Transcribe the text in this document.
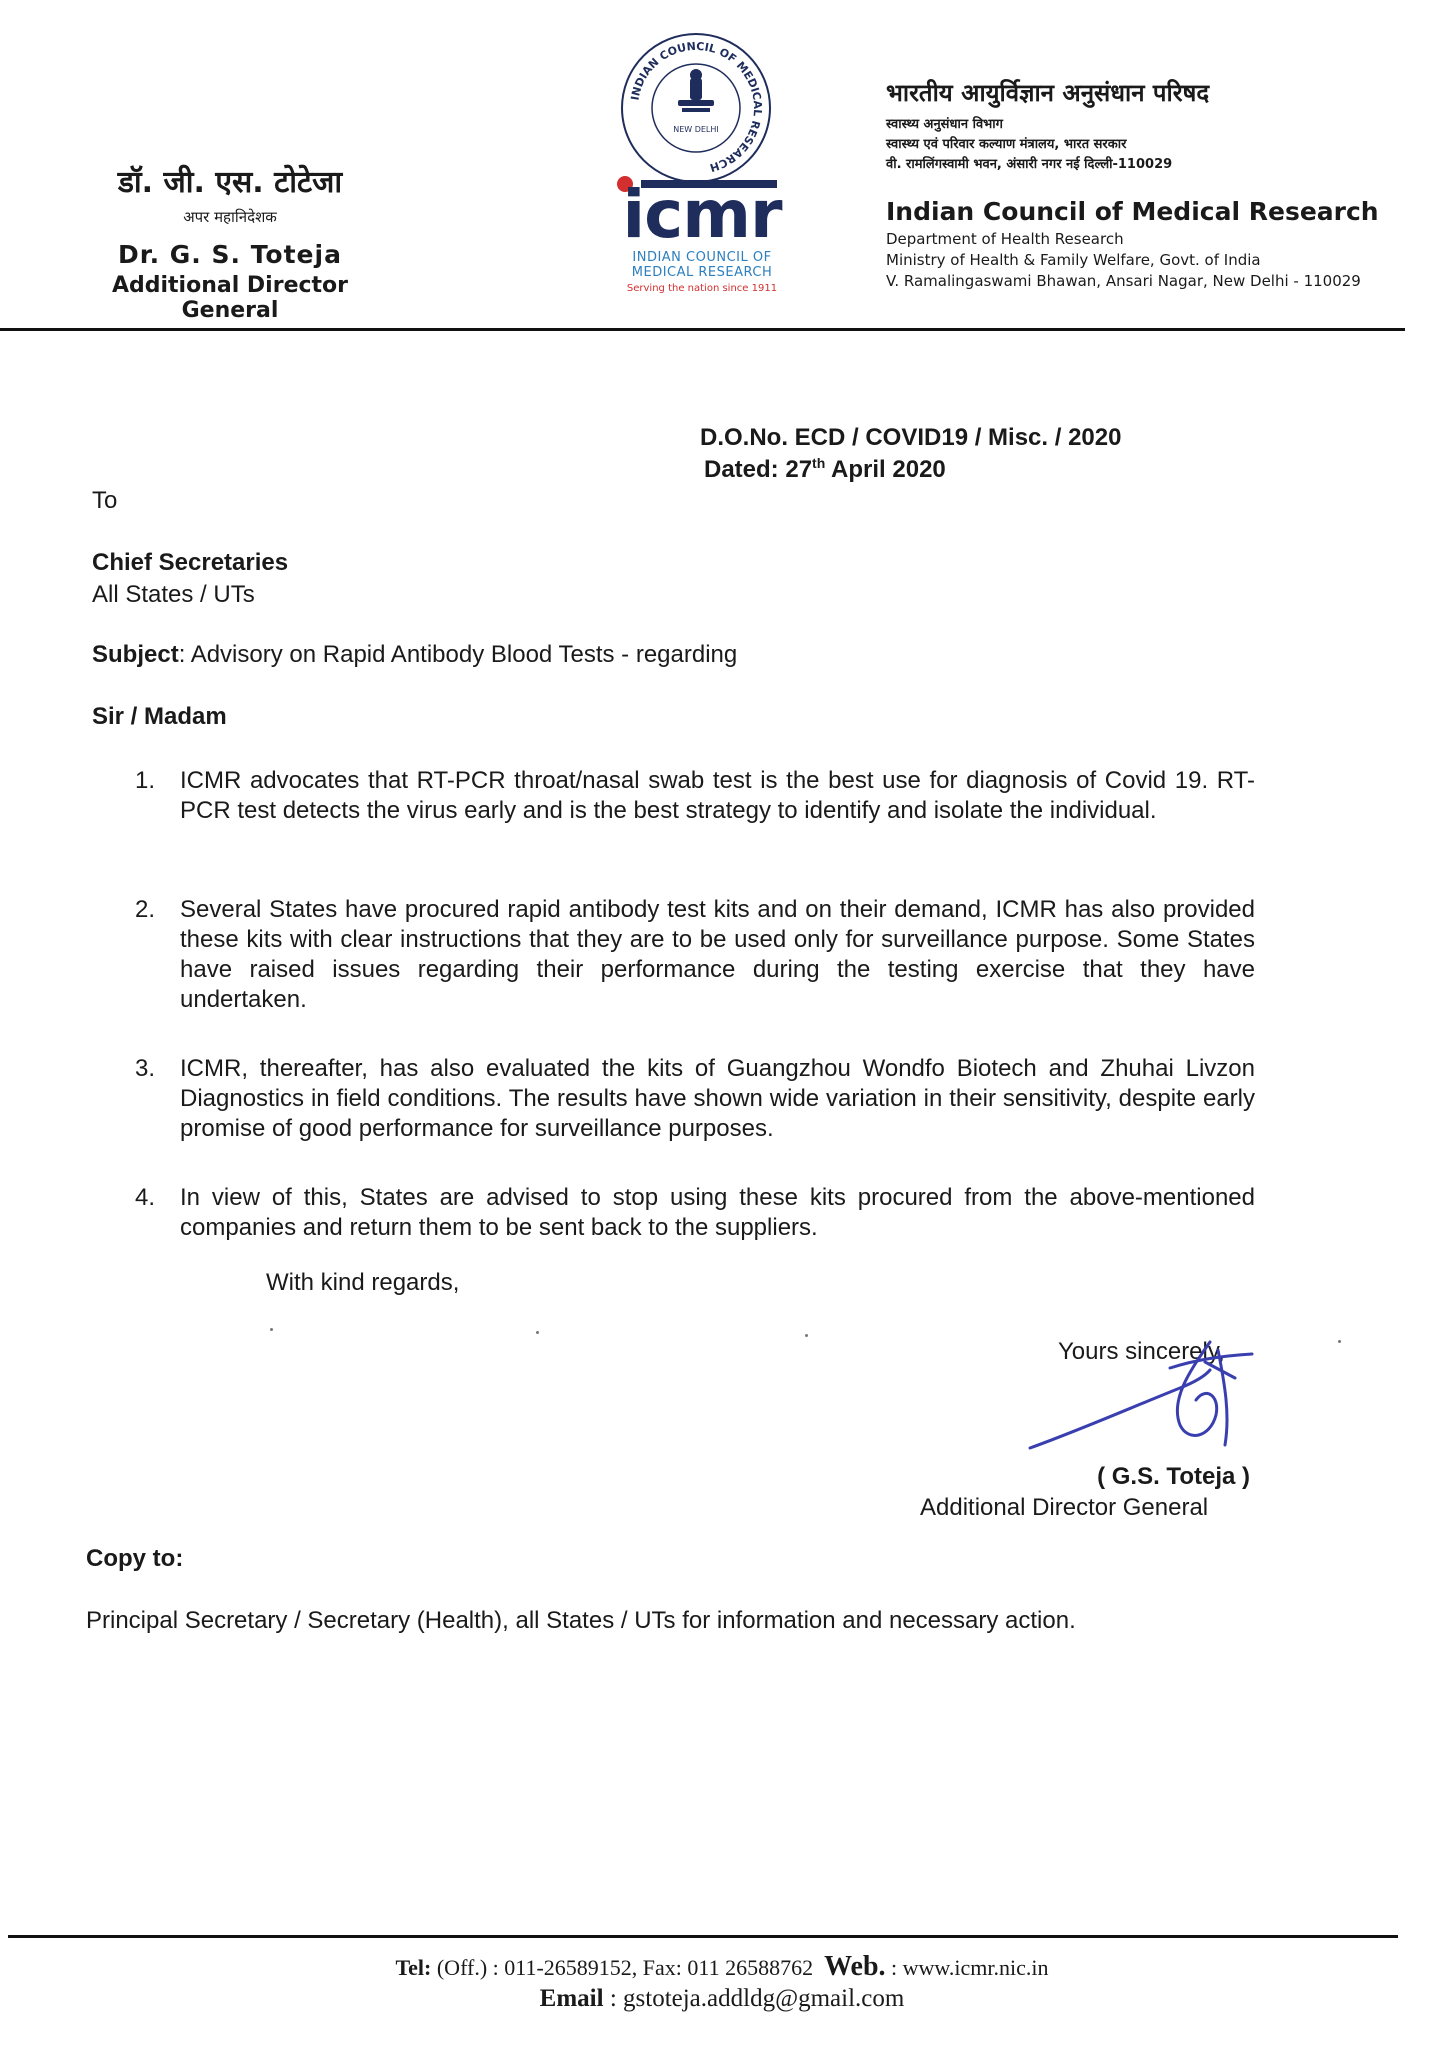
डॉ. जी. एस. टोटेजा
अपर महानिदेशक
Dr. G. S. Toteja
Additional Director General
INDIAN COUNCIL OF MEDICAL RESEARCH
NEW DELHI
icmr
INDIAN COUNCIL OF
MEDICAL RESEARCH
Serving the nation since 1911
भारतीय आयुर्विज्ञान अनुसंधान परिषद
स्वास्थ्य अनुसंधान विभाग
स्वास्थ्य एवं परिवार कल्याण मंत्रालय, भारत सरकार
वी. रामलिंगस्वामी भवन, अंसारी नगर नई दिल्ली-110029
Indian Council of Medical Research
Department of Health Research
Ministry of Health & Family Welfare, Govt. of India
V. Ramalingaswami Bhawan, Ansari Nagar, New Delhi - 110029
D.O.No. ECD / COVID19 / Misc. / 2020
Dated: 27th April 2020
To
Chief Secretaries
All States / UTs
Subject: Advisory on Rapid Antibody Blood Tests - regarding
Sir / Madam
1.	ICMR advocates that RT-PCR throat/nasal swab test is the best use for diagnosis of Covid 19. RT-PCR test detects the virus early and is the best strategy to identify and isolate the individual.
2.	Several States have procured rapid antibody test kits and on their demand, ICMR has also provided these kits with clear instructions that they are to be used only for surveillance purpose. Some States have raised issues regarding their performance during the testing exercise that they have undertaken.
3.	ICMR, thereafter, has also evaluated the kits of Guangzhou Wondfo Biotech and Zhuhai Livzon Diagnostics in field conditions. The results have shown wide variation in their sensitivity, despite early promise of good performance for surveillance purposes.
4.	In view of this, States are advised to stop using these kits procured from the above-mentioned companies and return them to be sent back to the suppliers.
With kind regards,
Yours sincerely,
( G.S. Toteja )
Additional Director General
Copy to:
Principal Secretary / Secretary (Health), all States / UTs for information and necessary action.
Tel: (Off.) : 011-26589152, Fax: 011 26588762 Web. : www.icmr.nic.in
Email : gstoteja.addldg@gmail.com
